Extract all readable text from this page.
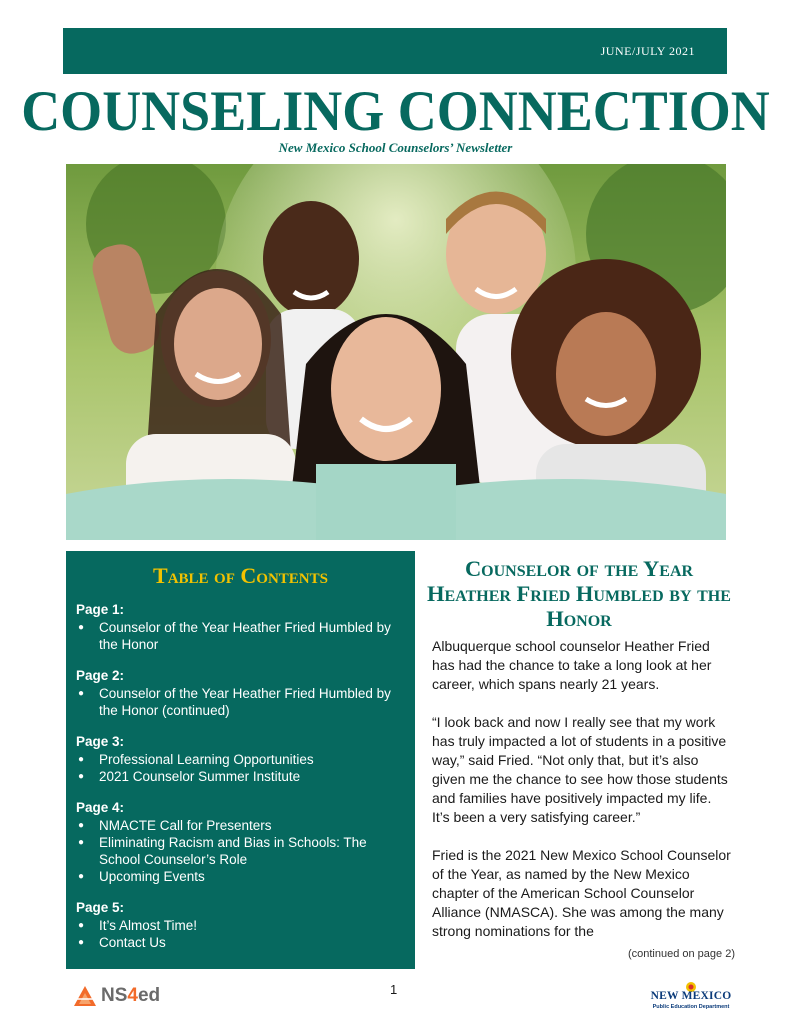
JUNE/JULY 2021
COUNSELING CONNECTION
New Mexico School Counselors’ Newsletter
Table of Contents
Page 1:
● Counselor of the Year Heather Fried Humbled by the Honor
Page 2:
● Counselor of the Year Heather Fried Humbled by the Honor (continued)
Page 3:
● Professional Learning Opportunities
● 2021 Counselor Summer Institute
Page 4:
● NMACTE Call for Presenters
● Eliminating Racism and Bias in Schools: The School Counselor’s Role
● Upcoming Events
Page 5:
● It’s Almost Time!
● Contact Us
Counselor of the Year Heather Fried Humbled by the Honor

Albuquerque school counselor Heather Fried has had the chance to take a long look at her career, which spans nearly 21 years.

“I look back and now I really see that my work has truly impacted a lot of students in a positive way,” said Fried. “Not only that, but it’s also given me the chance to see how those students and families have positively impacted my life. It’s been a very satisfying career.”

Fried is the 2021 New Mexico School Counselor of the Year, as named by the New Mexico chapter of the American School Counselor Alliance (NMASCA). She was among the many strong nominations for the

(continued on page 2)
1
NS4ed	NEW MEXICO
Public Education Department
